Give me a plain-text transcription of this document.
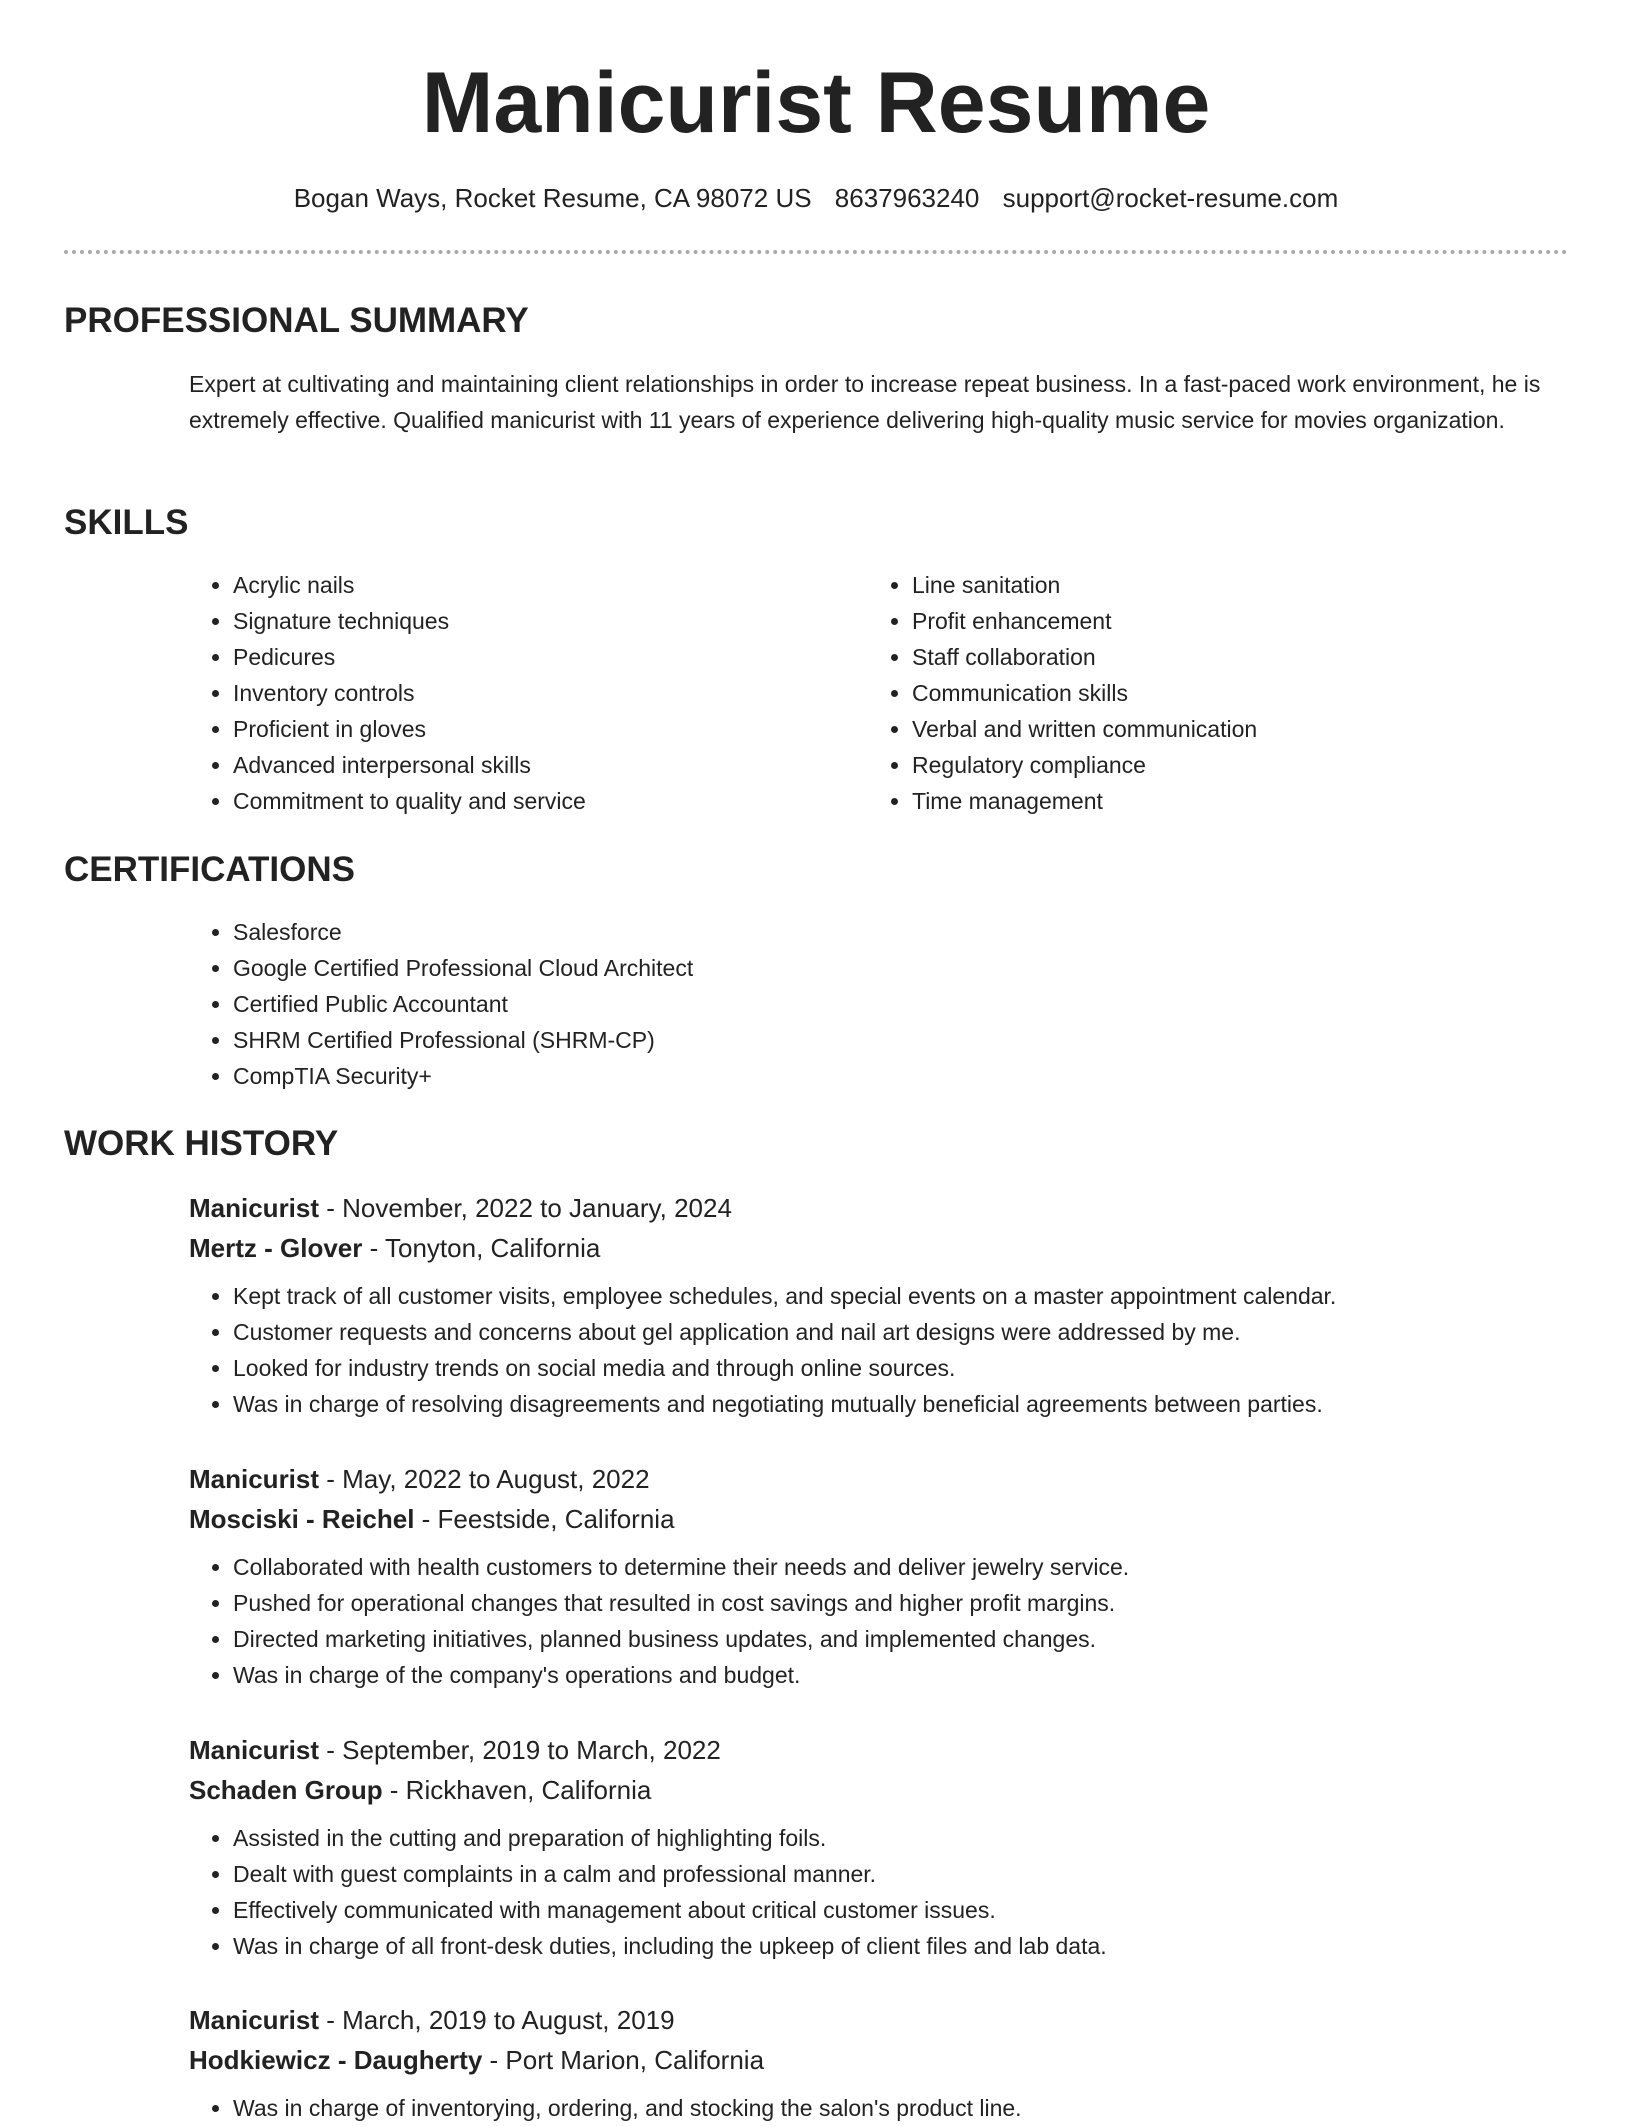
Manicurist Resume
Bogan Ways, Rocket Resume, CA 98072 US 8637963240 support@rocket-resume.com
PROFESSIONAL SUMMARY

Expert at cultivating and maintaining client relationships in order to increase repeat business. In a fast-paced work environment, he is extremely effective. Qualified manicurist with 11 years of experience delivering high-quality music service for movies organization.

SKILLS
• Acrylic nails
• Signature techniques
• Pedicures
• Inventory controls
• Proficient in gloves
• Advanced interpersonal skills
• Commitment to quality and service
• Line sanitation
• Profit enhancement
• Staff collaboration
• Communication skills
• Verbal and written communication
• Regulatory compliance
• Time management
CERTIFICATIONS
• Salesforce
• Google Certified Professional Cloud Architect
• Certified Public Accountant
• SHRM Certified Professional (SHRM-CP)
• CompTIA Security+
WORK HISTORY

Manicurist - November, 2022 to January, 2024

Mertz - Glover - Tonyton, California

• Kept track of all customer visits, employee schedules, and special events on a master appointment calendar.
• Customer requests and concerns about gel application and nail art designs were addressed by me.
• Looked for industry trends on social media and through online sources.
• Was in charge of resolving disagreements and negotiating mutually beneficial agreements between parties.

Manicurist - May, 2022 to August, 2022

Mosciski - Reichel - Feestside, California

• Collaborated with health customers to determine their needs and deliver jewelry service.
• Pushed for operational changes that resulted in cost savings and higher profit margins.
• Directed marketing initiatives, planned business updates, and implemented changes.
• Was in charge of the company's operations and budget.

Manicurist - September, 2019 to March, 2022

Schaden Group - Rickhaven, California

• Assisted in the cutting and preparation of highlighting foils.
• Dealt with guest complaints in a calm and professional manner.
• Effectively communicated with management about critical customer issues.
• Was in charge of all front-desk duties, including the upkeep of client files and lab data.

Manicurist - March, 2019 to August, 2019

Hodkiewicz - Daugherty - Port Marion, California

• Was in charge of inventorying, ordering, and stocking the salon's product line.
